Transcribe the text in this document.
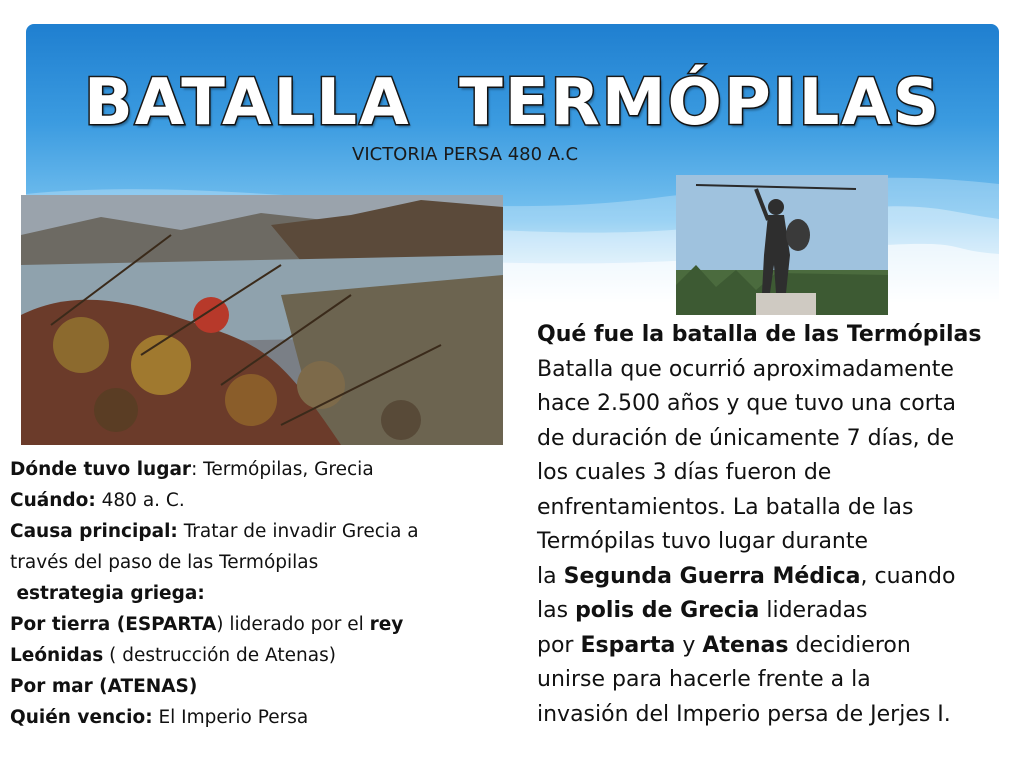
BATALLA  TERMÓPILAS
VICTORIA PERSA 480 A.C
Dónde tuvo lugar: Termópilas, Grecia
Cuándo: 480 a. C.
Causa principal: Tratar de invadir Grecia a
través del paso de las Termópilas
estrategia griega:
Por tierra (ESPARTA) liderado por el rey
Leónidas ( destrucción de Atenas)
Por mar (ATENAS)
Quién vencio: El Imperio Persa
Qué fue la batalla de las Termópilas
Batalla que ocurrió aproximadamente
hace 2.500 años y que tuvo una corta
de duración de únicamente 7 días, de
los cuales 3 días fueron de
enfrentamientos. La batalla de las
Termópilas tuvo lugar durante
la Segunda Guerra Médica, cuando
las polis de Grecia lideradas
por Esparta y Atenas decidieron
unirse para hacerle frente a la
invasión del Imperio persa de Jerjes I.
